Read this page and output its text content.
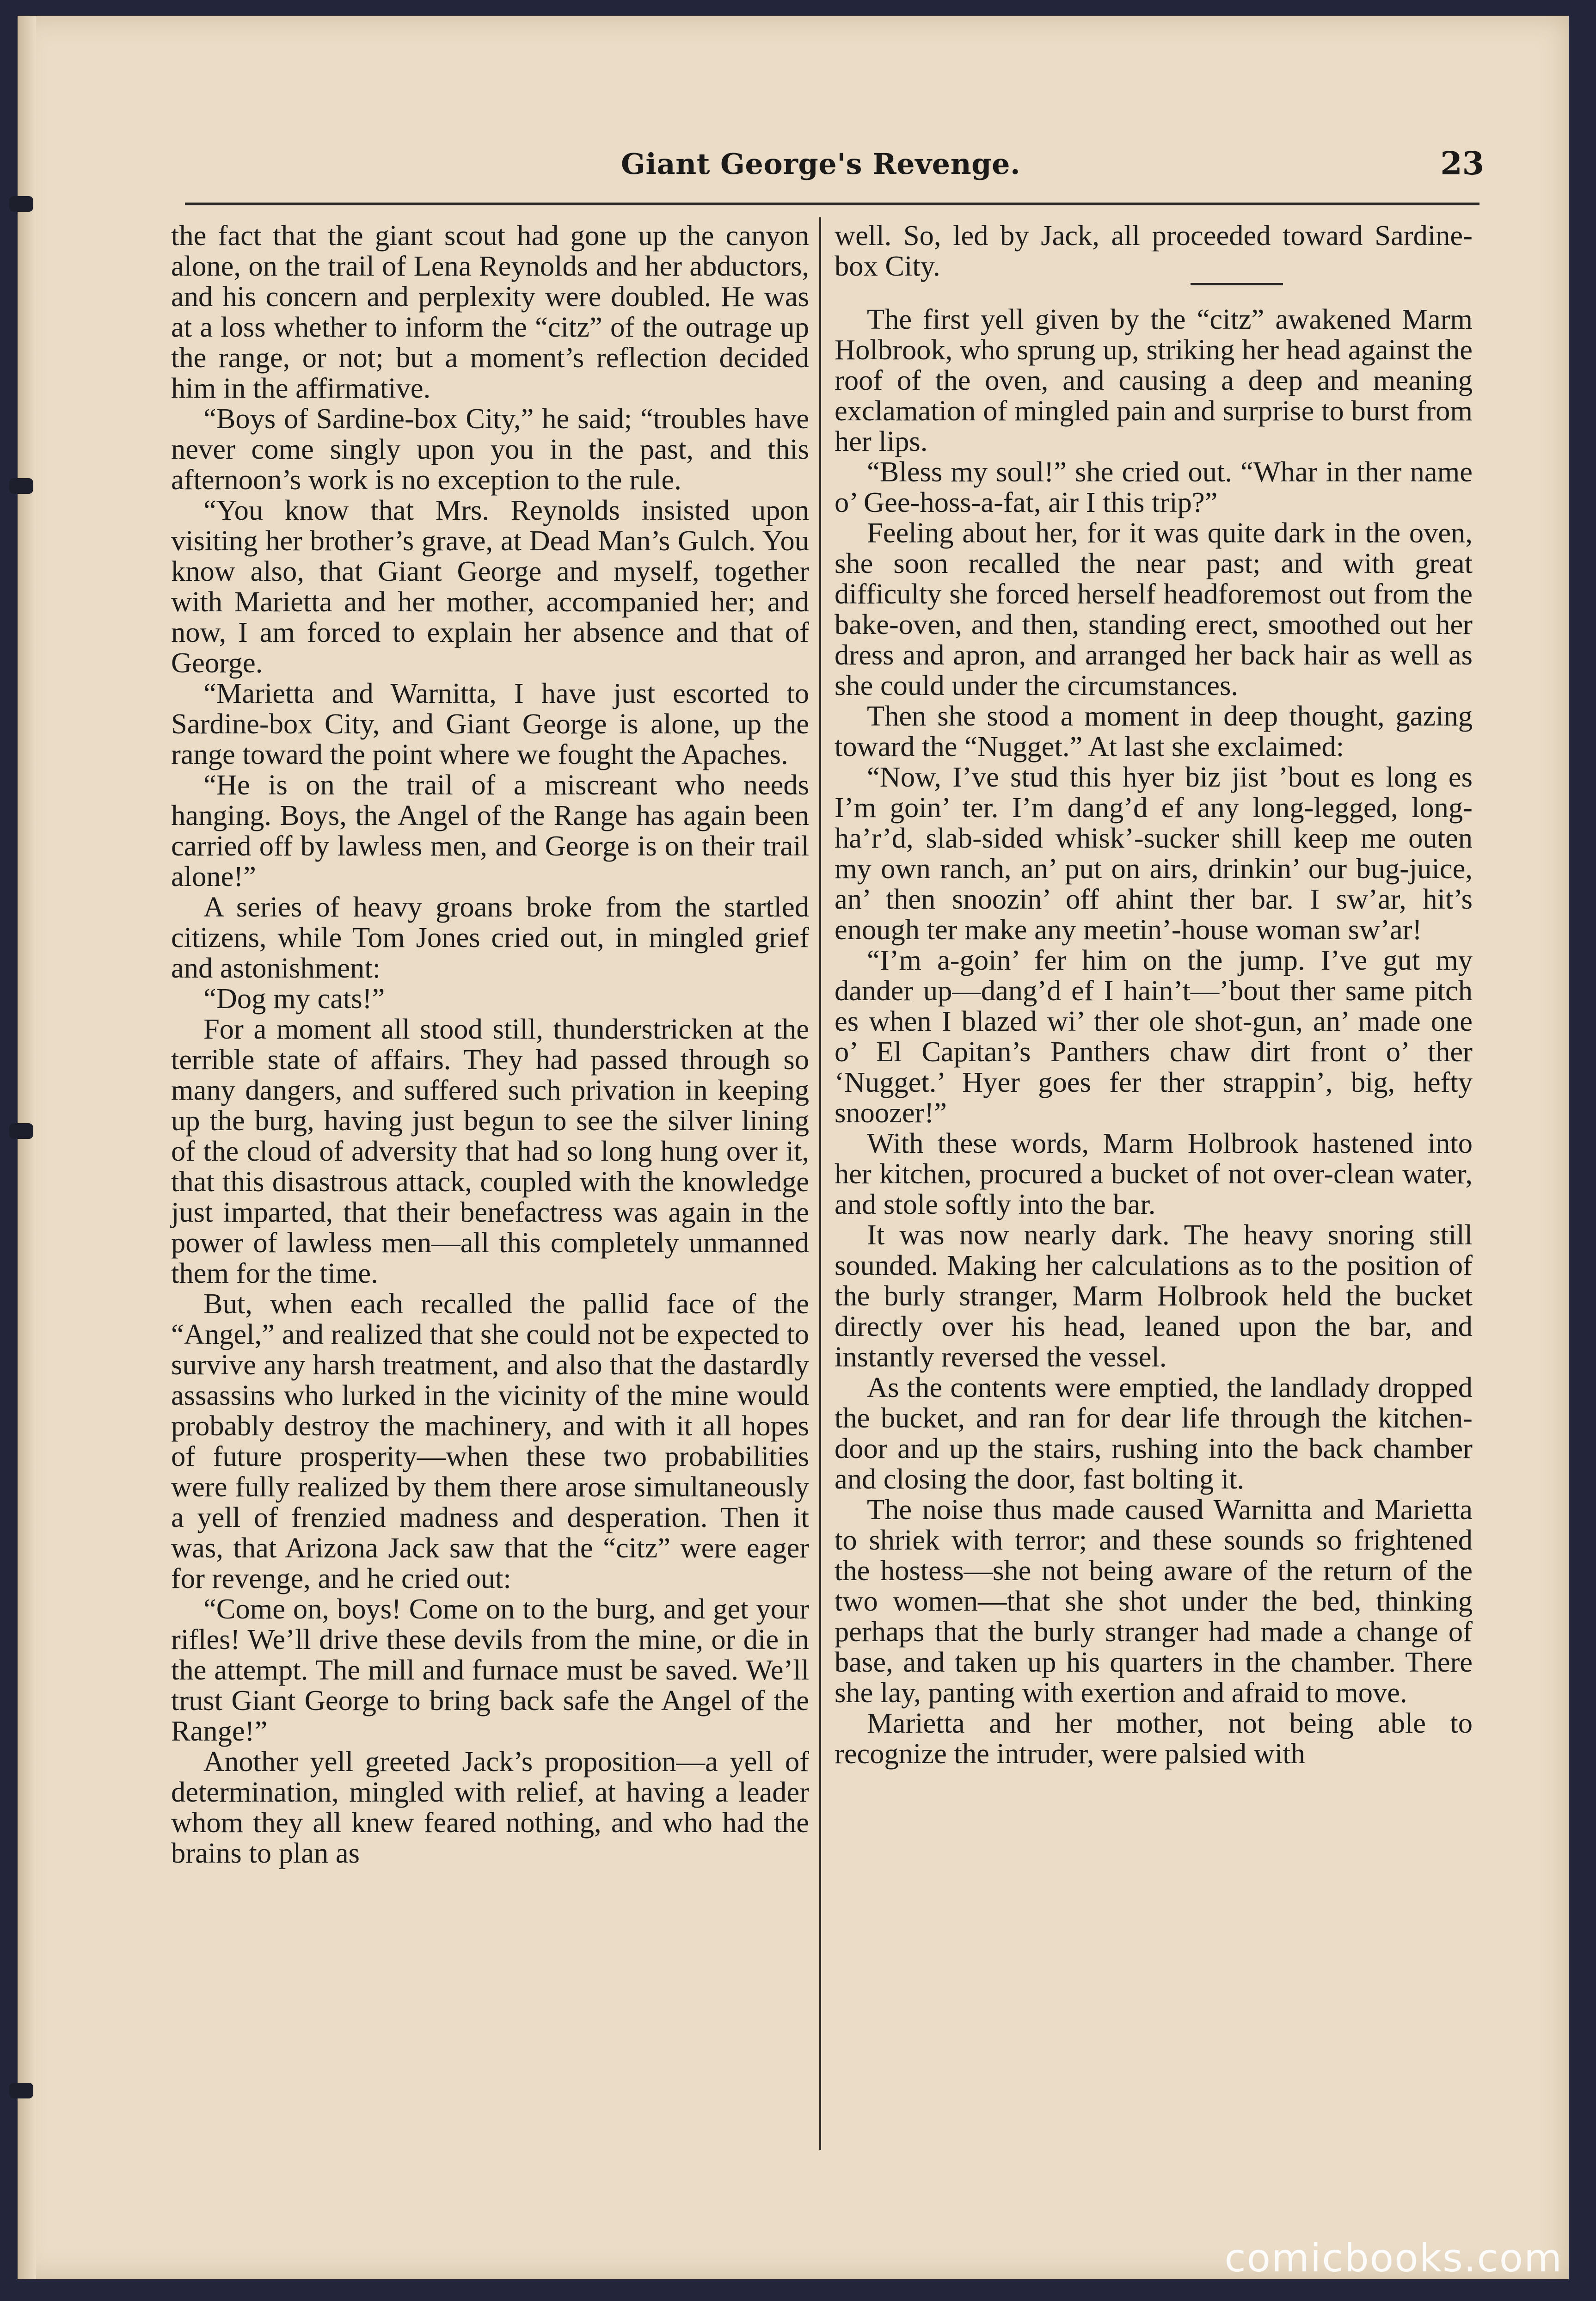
Giant George's Revenge.	23

the fact that the giant scout had gone up the canyon alone, on the trail of Lena Reynolds and her abductors, and his concern and perplexity were doubled. He was at a loss whether to inform the “citz” of the outrage up the range, or not; but a moment’s reflection decided him in the affirmative.

“Boys of Sardine-box City,” he said; “troubles have never come singly upon you in the past, and this afternoon’s work is no exception to the rule.

“You know that Mrs. Reynolds insisted upon visiting her brother’s grave, at Dead Man’s Gulch. You know also, that Giant George and myself, together with Marietta and her mother, accompanied her; and now, I am forced to explain her absence and that of George.

“Marietta and Warnitta, I have just escorted to Sardine-box City, and Giant George is alone, up the range toward the point where we fought the Apaches.

“He is on the trail of a miscreant who needs hanging. Boys, the Angel of the Range has again been carried off by lawless men, and George is on their trail alone!”

A series of heavy groans broke from the startled citizens, while Tom Jones cried out, in mingled grief and astonishment:

“Dog my cats!”

For a moment all stood still, thunderstricken at the terrible state of affairs. They had passed through so many dangers, and suffered such privation in keeping up the burg, having just begun to see the silver lining of the cloud of adversity that had so long hung over it, that this disastrous attack, coupled with the knowledge just imparted, that their benefactress was again in the power of lawless men—all this completely unmanned them for the time.

But, when each recalled the pallid face of the “Angel,” and realized that she could not be expected to survive any harsh treatment, and also that the dastardly assassins who lurked in the vicinity of the mine would probably destroy the machinery, and with it all hopes of future prosperity—when these two probabilities were fully realized by them there arose simultaneously a yell of frenzied madness and desperation. Then it was, that Arizona Jack saw that the “citz” were eager for revenge, and he cried out:

“Come on, boys! Come on to the burg, and get your rifles! We’ll drive these devils from the mine, or die in the attempt. The mill and furnace must be saved. We’ll trust Giant George to bring back safe the Angel of the Range!”

Another yell greeted Jack’s proposition—a yell of determination, mingled with relief, at having a leader whom they all knew feared nothing, and who had the brains to plan as

well. So, led by Jack, all proceeded toward Sardine-box City.

The first yell given by the “citz” awakened Marm Holbrook, who sprung up, striking her head against the roof of the oven, and causing a deep and meaning exclamation of mingled pain and surprise to burst from her lips.

“Bless my soul!” she cried out. “Whar in ther name o’ Gee-hoss-a-fat, air I this trip?”

Feeling about her, for it was quite dark in the oven, she soon recalled the near past; and with great difficulty she forced herself headforemost out from the bake-oven, and then, standing erect, smoothed out her dress and apron, and arranged her back hair as well as she could under the circumstances.

Then she stood a moment in deep thought, gazing toward the “Nugget.” At last she exclaimed:

“Now, I’ve stud this hyer biz jist ’bout es long es I’m goin’ ter. I’m dang’d ef any long-legged, long-ha’r’d, slab-sided whisk’-sucker shill keep me outen my own ranch, an’ put on airs, drinkin’ our bug-juice, an’ then snoozin’ off ahint ther bar. I sw’ar, hit’s enough ter make any meetin’-house woman sw’ar!

“I’m a-goin’ fer him on the jump. I’ve gut my dander up—dang’d ef I hain’t—’bout ther same pitch es when I blazed wi’ ther ole shot-gun, an’ made one o’ El Capitan’s Panthers chaw dirt front o’ ther ‘Nugget.’ Hyer goes fer ther strappin’, big, hefty snoozer!”

With these words, Marm Holbrook hastened into her kitchen, procured a bucket of not over-clean water, and stole softly into the bar.

It was now nearly dark. The heavy snoring still sounded. Making her calculations as to the position of the burly stranger, Marm Holbrook held the bucket directly over his head, leaned upon the bar, and instantly reversed the vessel.

As the contents were emptied, the landlady dropped the bucket, and ran for dear life through the kitchen-door and up the stairs, rushing into the back chamber and closing the door, fast bolting it.

The noise thus made caused Warnitta and Marietta to shriek with terror; and these sounds so frightened the hostess—she not being aware of the return of the two women—that she shot under the bed, thinking perhaps that the burly stranger had made a change of base, and taken up his quarters in the chamber. There she lay, panting with exertion and afraid to move.

Marietta and her mother, not being able to recognize the intruder, were palsied with

comicbooks.com
